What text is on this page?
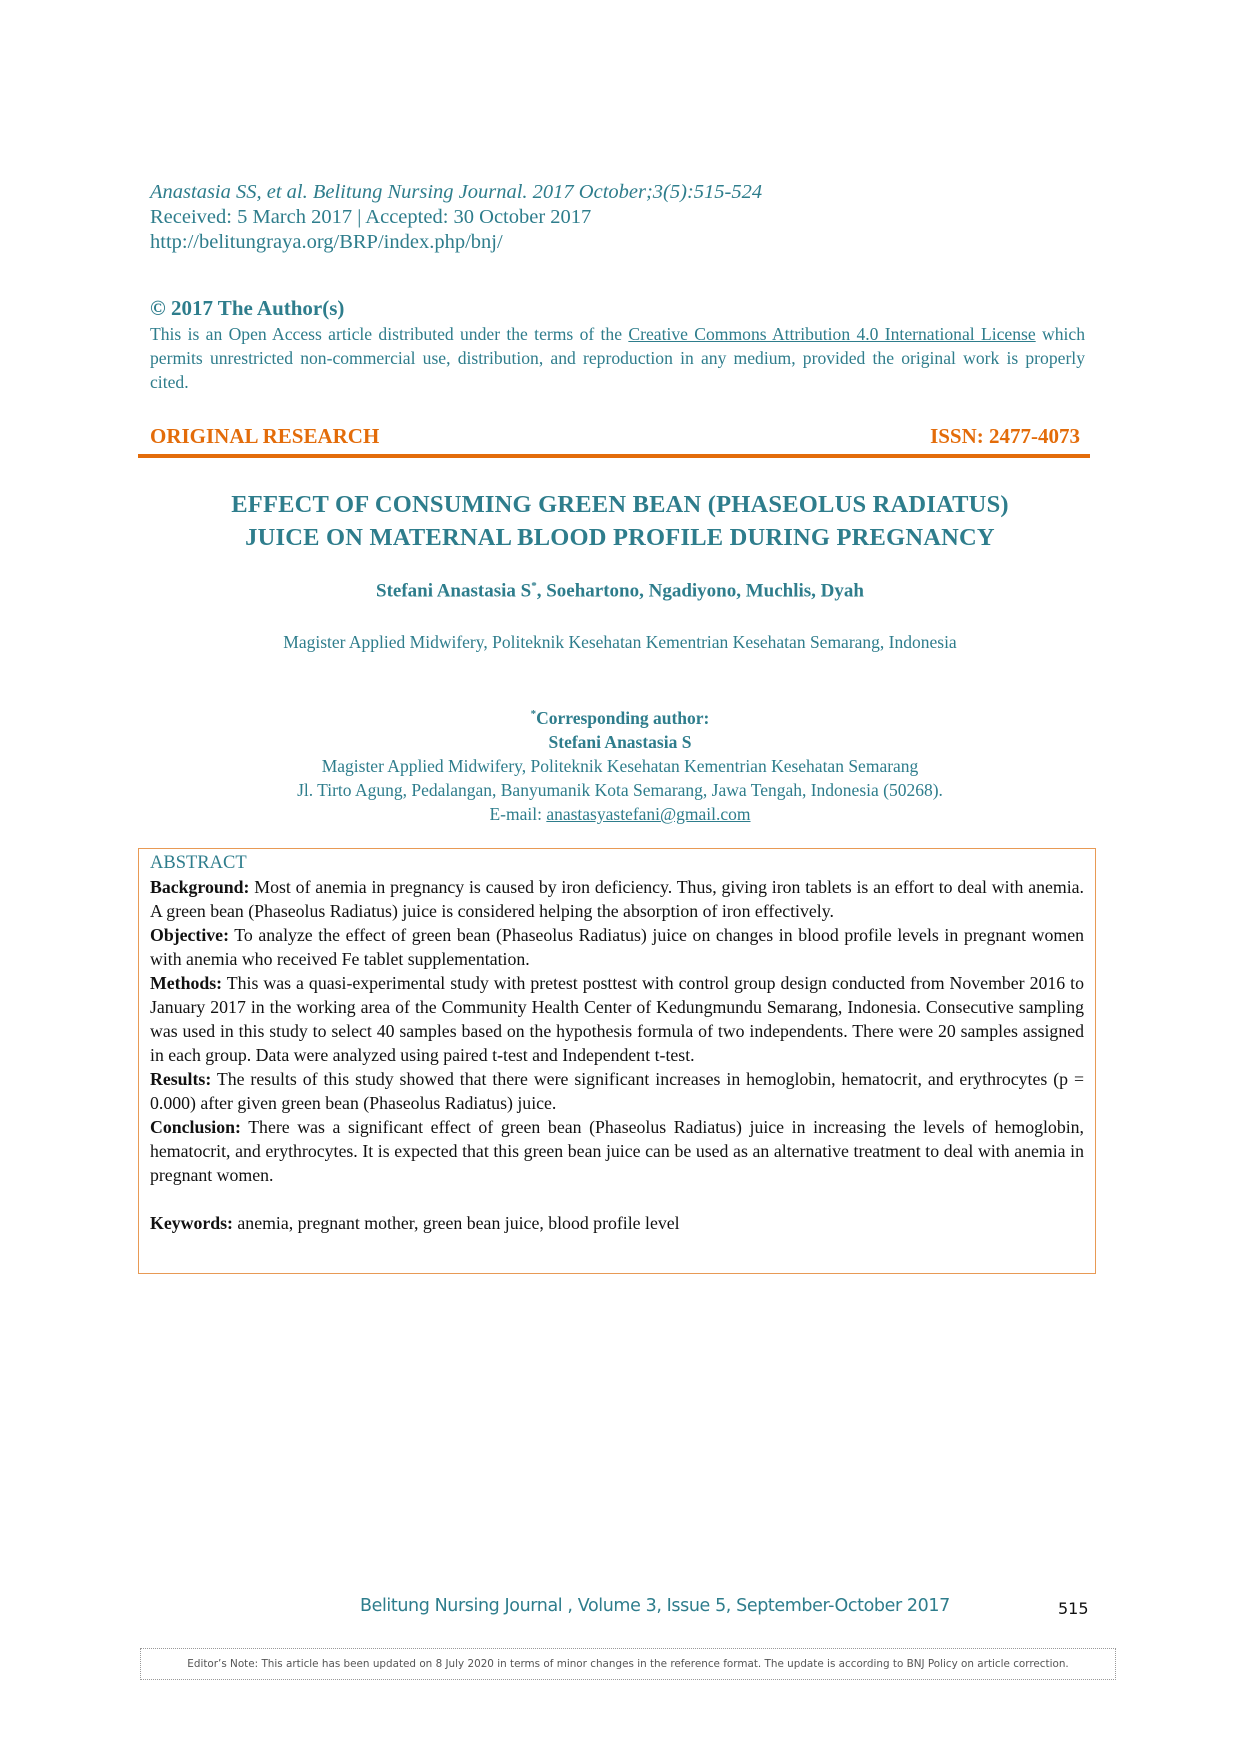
Anastasia SS, et al. Belitung Nursing Journal. 2017 October;3(5):515-524
Received: 5 March 2017 | Accepted: 30 October 2017
http://belitungraya.org/BRP/index.php/bnj/
© 2017 The Author(s)
This is an Open Access article distributed under the terms of the Creative Commons Attribution 4.0 International License which permits unrestricted non-commercial use, distribution, and reproduction in any medium, provided the original work is properly cited.
ORIGINAL RESEARCH	ISSN: 2477-4073
EFFECT OF CONSUMING GREEN BEAN (PHASEOLUS RADIATUS)
JUICE ON MATERNAL BLOOD PROFILE DURING PREGNANCY
Stefani Anastasia S*, Soehartono, Ngadiyono, Muchlis, Dyah
Magister Applied Midwifery, Politeknik Kesehatan Kementrian Kesehatan Semarang, Indonesia
*Corresponding author:
Stefani Anastasia S
Magister Applied Midwifery, Politeknik Kesehatan Kementrian Kesehatan Semarang
Jl. Tirto Agung, Pedalangan, Banyumanik Kota Semarang, Jawa Tengah, Indonesia (50268).
E-mail: anastasyastefani@gmail.com
ABSTRACT

Background: Most of anemia in pregnancy is caused by iron deficiency. Thus, giving iron tablets is an effort to deal with anemia. A green bean (Phaseolus Radiatus) juice is considered helping the absorption of iron effectively.

Objective: To analyze the effect of green bean (Phaseolus Radiatus) juice on changes in blood profile levels in pregnant women with anemia who received Fe tablet supplementation.

Methods: This was a quasi-experimental study with pretest posttest with control group design conducted from November 2016 to January 2017 in the working area of the Community Health Center of Kedungmundu Semarang, Indonesia. Consecutive sampling was used in this study to select 40 samples based on the hypothesis formula of two independents. There were 20 samples assigned in each group. Data were analyzed using paired t-test and Independent t-test.

Results: The results of this study showed that there were significant increases in hemoglobin, hematocrit, and erythrocytes (p = 0.000) after given green bean (Phaseolus Radiatus) juice.

Conclusion: There was a significant effect of green bean (Phaseolus Radiatus) juice in increasing the levels of hemoglobin, hematocrit, and erythrocytes. It is expected that this green bean juice can be used as an alternative treatment to deal with anemia in pregnant women.

Keywords: anemia, pregnant mother, green bean juice, blood profile level

Belitung Nursing Journal , Volume 3, Issue 5, September-October 2017	515
Editor’s Note: This article has been updated on 8 July 2020 in terms of minor changes in the reference format. The update is according to BNJ Policy on article correction.
